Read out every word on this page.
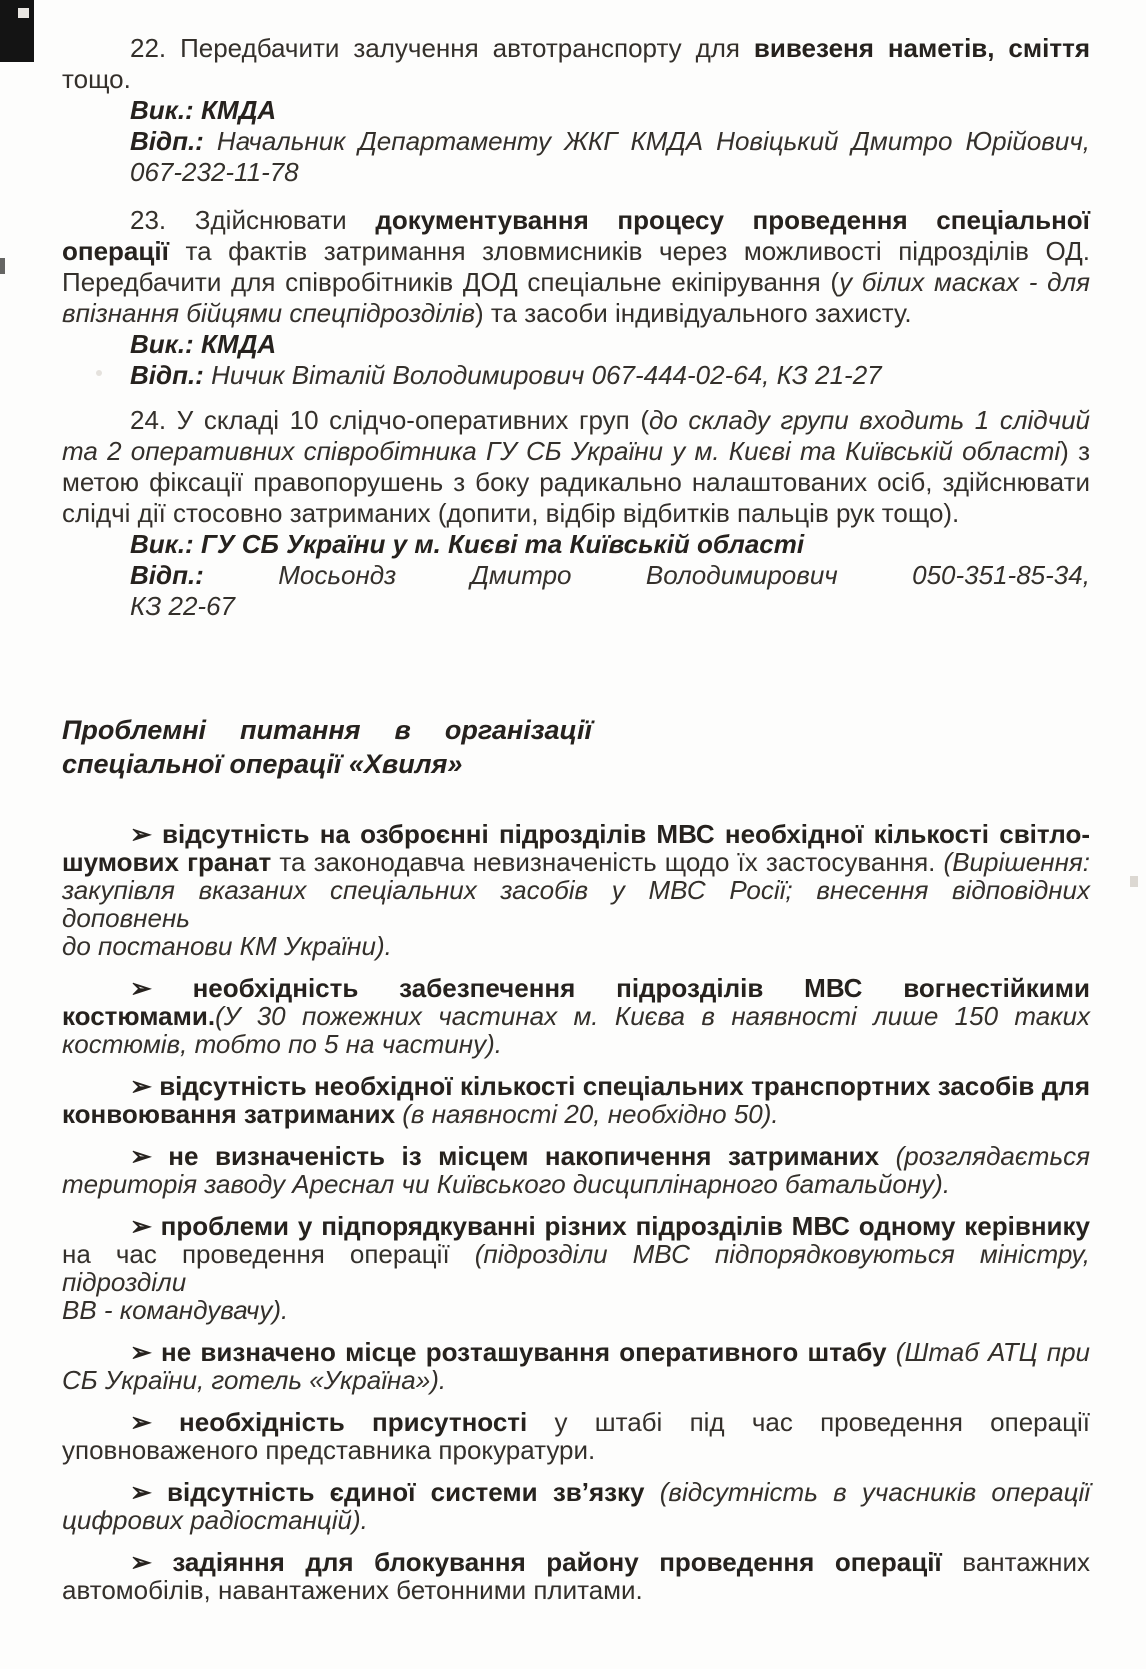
22. Передбачити залучення автотранспорту для вивезеня наметів, сміття
тощо.
Вик.: КМДА
Відп.: Начальник Департаменту ЖКГ КМДА Новіцький Дмитро Юрійович,
067-232-11-78
23. Здійснювати документування процесу проведення спеціальної
операції та фактів затримання зловмисників через можливості підрозділів ОД.
Передбачити для співробітників ДОД спеціальне екіпірування (у білих масках - для
впізнання бійцями спецпідрозділів) та засоби індивідуального захисту.
Вик.: КМДА
Відп.: Ничик Віталій Володимирович 067-444-02-64, КЗ 21-27
24. У складі 10 слідчо-оперативних груп (до складу групи входить 1 слідчий
та 2 оперативних співробітника ГУ СБ України у м. Києві та Київській області) з
метою фіксації правопорушень з боку радикально налаштованих осіб, здійснювати
слідчі дії стосовно затриманих (допити, відбір відбитків пальців рук тощо).
Вик.: ГУ СБ України у м. Києві та Київській області
Відп.:	Мосьондз	Дмитро	Володимирович	050-351-85-34,
КЗ 22-67
Проблемні питання в організації
спеціальної операції «Хвиля»
➢ відсутність на озброєнні підрозділів МВС необхідної кількості світло-
шумових гранат та законодавча невизначеність щодо їх застосування. (Вирішення:
закупівля вказаних спеціальних засобів у МВС Росії; внесення відповідних доповнень
до постанови КМ України).
➢ необхідність забезпечення підрозділів МВС вогнестійкими
костюмами.(У 30 пожежних частинах м. Києва в наявності лише 150 таких
костюмів, тобто по 5 на частину).
➢ відсутність необхідної кількості спеціальних транспортних засобів для
конвоювання затриманих (в наявності 20, необхідно 50).
➢ не визначеність із місцем накопичення затриманих (розглядається
територія заводу Ареснал чи Київського дисциплінарного батальйону).
➢ проблеми у підпорядкуванні різних підрозділів МВС одному керівнику
на час проведення операції (підрозділи МВС підпорядковуються міністру, підрозділи
ВВ - командувачу).
➢ не визначено місце розташування оперативного штабу (Штаб АТЦ при
СБ України, готель «Україна»).
➢ необхідність присутності у штабі під час проведення операції
уповноваженого представника прокуратури.
➢ відсутність єдиної системи зв’язку (відсутність в учасників операції
цифрових радіостанцій).
➢ задіяння для блокування району проведення операції вантажних
автомобілів, навантажених бетонними плитами.
